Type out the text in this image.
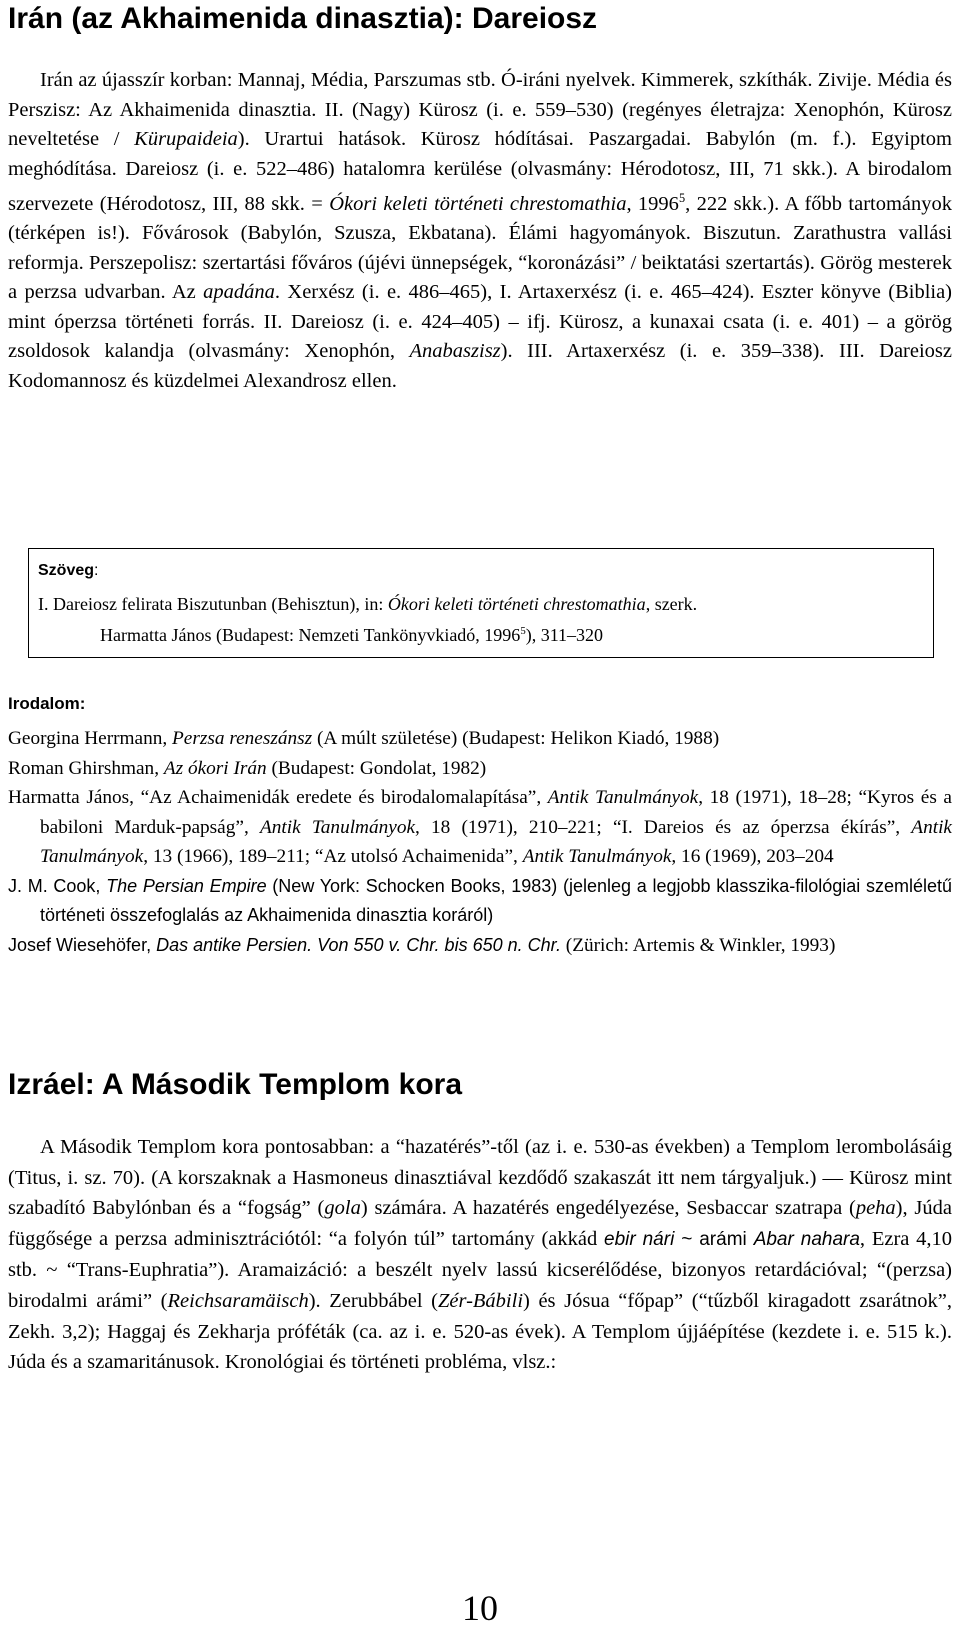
Irán (az Akhaimenida dinasztia): Dareiosz

Irán az újasszír korban: Mannaj, Média, Parszumas stb. Ó-iráni nyelvek. Kimmerek, szkíthák. Zivije. Média és Perszisz: Az Akhaimenida dinasztia. II. (Nagy) Kürosz (i. e. 559–530) (regényes életrajza: Xenophón, Kürosz neveltetése / Kürupaideia). Urartui hatások. Kürosz hódításai. Paszargadai. Babylón (m. f.). Egyiptom meghódítása. Dareiosz (i. e. 522–486) hatalomra kerülése (olvasmány: Hérodotosz, III, 71 skk.). A birodalom szervezete (Hérodotosz, III, 88 skk. = Ókori keleti történeti chrestomathia, 1996$^5$, 222 skk.). A főbb tartományok (térképen is!). Fővárosok (Babylón, Szusza, Ekbatana). Élámi hagyományok. Biszutun. Zarathustra vallási reformja. Perszepolisz: szertartási főváros (újévi ünnepségek, “koronázási” / beiktatási szertartás). Görög mesterek a perzsa udvarban. Az apadána. Xerxész (i. e. 486–465), I. Artaxerxész (i. e. 465–424). Eszter könyve (Biblia) mint óperzsa történeti forrás. II. Dareiosz (i. e. 424–405) – ifj. Kürosz, a kunaxai csata (i. e. 401) – a görög zsoldosok kalandja (olvasmány: Xenophón, Anabaszisz). III. Artaxerxész (i. e. 359–338). III. Dareiosz Kodomannosz és küzdelmei Alexandrosz ellen.

Szöveg:

I. Dareiosz felirata Biszutunban (Behisztun), in: Ókori keleti történeti chrestomathia, szerk.
Harmatta János (Budapest: Nemzeti Tankönyvkiadó, 1996$^5$), 311–320

Irodalom:
Georgina Herrmann, Perzsa reneszánsz (A múlt születése) (Budapest: Helikon Kiadó, 1988)
Roman Ghirshman, Az ókori Irán (Budapest: Gondolat, 1982)
Harmatta János, “Az Achaimenidák eredete és birodalomalapítása”, Antik Tanulmányok, 18 (1971), 18–28; “Kyros és a babiloni Marduk-papság”, Antik Tanulmányok, 18 (1971), 210–221; “I. Dareios és az óperzsa ékírás”, Antik Tanulmányok, 13 (1966), 189–211; “Az utolsó Achaimenida”, Antik Tanulmányok, 16 (1969), 203–204
J. M. Cook, The Persian Empire (New York: Schocken Books, 1983) (jelenleg a legjobb klasszika-filológiai szemléletű történeti összefoglalás az Akhaimenida dinasztia koráról)
Josef Wiesehöfer, Das antike Persien. Von 550 v. Chr. bis 650 n. Chr. (Zürich: Artemis & Winkler, 1993)
Izráel: A Második Templom kora

A Második Templom kora pontosabban: a “hazatérés”-től (az i. e. 530-as években) a Templom lerombolásáig (Titus, i. sz. 70). (A korszaknak a Hasmoneus dinasztiával kezdődő szakaszát itt nem tárgyaljuk.) — Kürosz mint szabadító Babylónban és a “fogság” (gola) számára. A hazatérés engedélyezése, Sesbaccar szatrapa (peha), Júda függősége a perzsa adminisztrációtól: “a folyón túl” tartomány (akkád ebir nári ~ arámi Abar nahara, Ezra 4,10 stb. ~ “Trans-Euphratia”). Aramaizáció: a beszélt nyelv lassú kicserélődése, bizonyos retardációval; “(perzsa) birodalmi arámi” (Reichsaramäisch). Zerubbábel (Zér-Bábili) és Jósua “főpap” (“tűzből kiragadott zsarátnok”, Zekh. 3,2); Haggaj és Zekharja próféták (ca. az i. e. 520-as évek). A Templom újjáépítése (kezdete i. e. 515 k.). Júda és a szamaritánusok. Kronológiai és történeti probléma, vlsz.:

10
